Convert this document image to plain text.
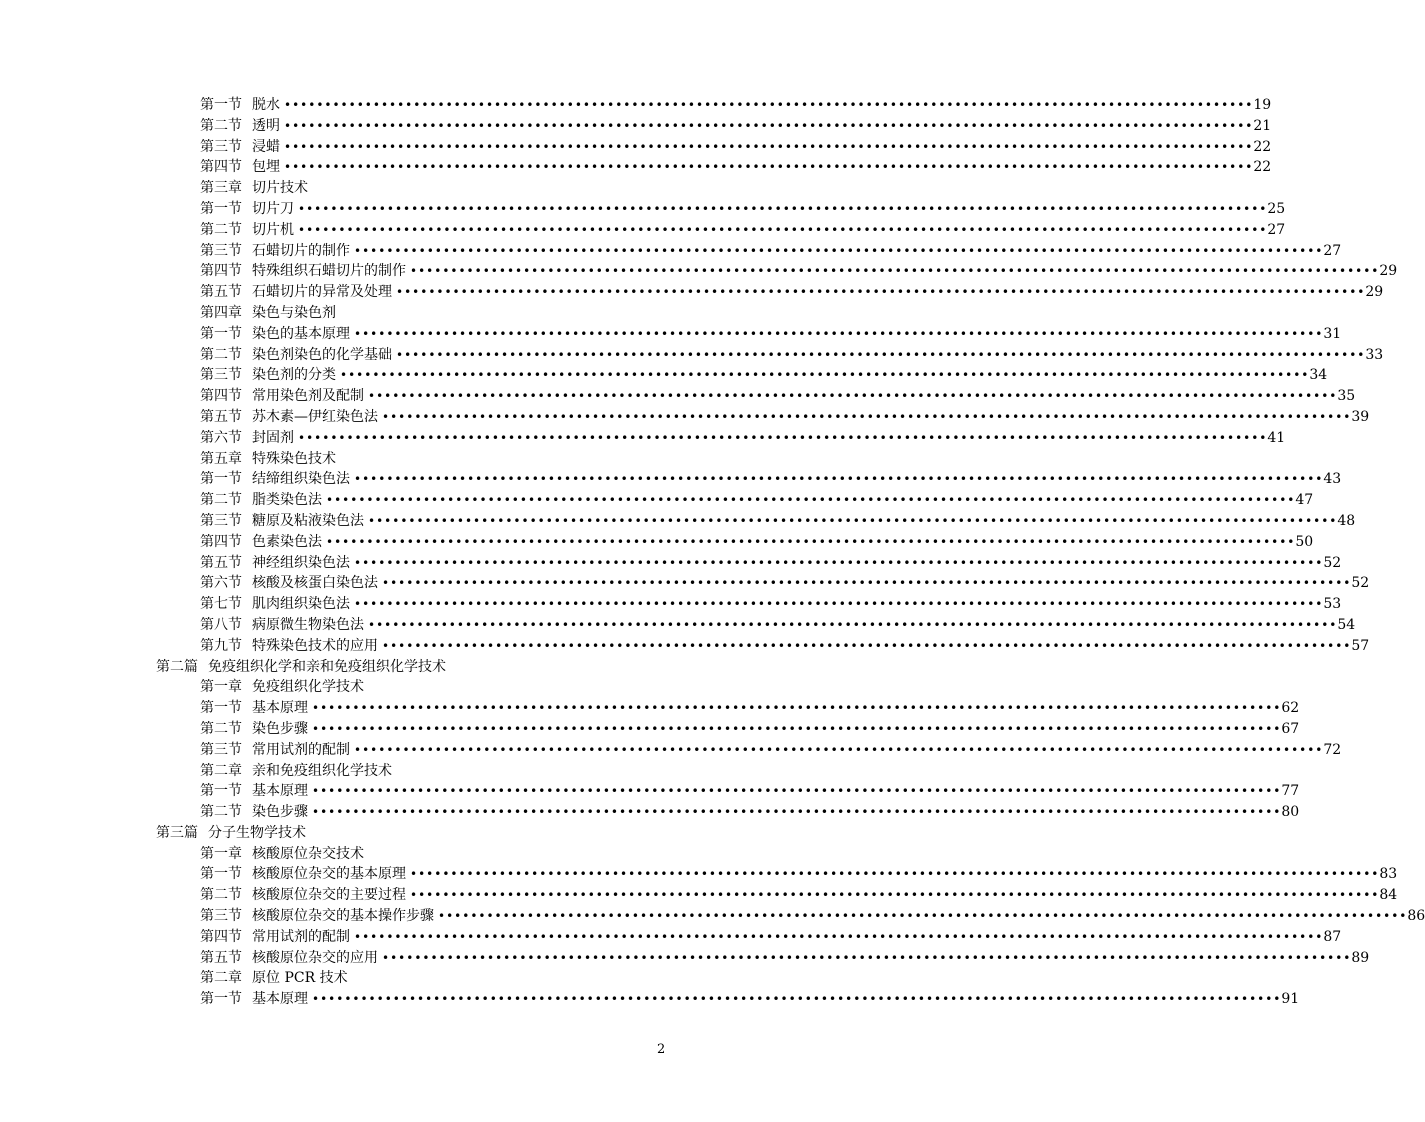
第一节 脱水 •••••••••••••••••••••••••••••••••••••••••••••••••••••••••••••••••••••••••••••••••••••••••••••••••••••••••••••••••••••••• 19
第二节 透明 •••••••••••••••••••••••••••••••••••••••••••••••••••••••••••••••••••••••••••••••••••••••••••••••••••••••••••••••••••••••• 21
第三节 浸蜡 •••••••••••••••••••••••••••••••••••••••••••••••••••••••••••••••••••••••••••••••••••••••••••••••••••••••••••••••••••••••• 22
第四节 包埋 •••••••••••••••••••••••••••••••••••••••••••••••••••••••••••••••••••••••••••••••••••••••••••••••••••••••••••••••••••••••• 22
第三章 切片技术
第一节 切片刀 •••••••••••••••••••••••••••••••••••••••••••••••••••••••••••••••••••••••••••••••••••••••••••••••••••••••••••••••••••••••• 25
第二节 切片机 •••••••••••••••••••••••••••••••••••••••••••••••••••••••••••••••••••••••••••••••••••••••••••••••••••••••••••••••••••••••• 27
第三节 石蜡切片的制作 •••••••••••••••••••••••••••••••••••••••••••••••••••••••••••••••••••••••••••••••••••••••••••••••••••••••••••••••••••••••• 27
第四节 特殊组织石蜡切片的制作 •••••••••••••••••••••••••••••••••••••••••••••••••••••••••••••••••••••••••••••••••••••••••••••••••••••••••••••••••••••••• 29
第五节 石蜡切片的异常及处理 •••••••••••••••••••••••••••••••••••••••••••••••••••••••••••••••••••••••••••••••••••••••••••••••••••••••••••••••••••••••• 29
第四章 染色与染色剂
第一节 染色的基本原理 •••••••••••••••••••••••••••••••••••••••••••••••••••••••••••••••••••••••••••••••••••••••••••••••••••••••••••••••••••••••• 31
第二节 染色剂染色的化学基础 •••••••••••••••••••••••••••••••••••••••••••••••••••••••••••••••••••••••••••••••••••••••••••••••••••••••••••••••••••••••• 33
第三节 染色剂的分类 •••••••••••••••••••••••••••••••••••••••••••••••••••••••••••••••••••••••••••••••••••••••••••••••••••••••••••••••••••••••• 34
第四节 常用染色剂及配制 •••••••••••••••••••••••••••••••••••••••••••••••••••••••••••••••••••••••••••••••••••••••••••••••••••••••••••••••••••••••• 35
第五节 苏木素—伊红染色法 •••••••••••••••••••••••••••••••••••••••••••••••••••••••••••••••••••••••••••••••••••••••••••••••••••••••••••••••••••••••• 39
第六节 封固剂 •••••••••••••••••••••••••••••••••••••••••••••••••••••••••••••••••••••••••••••••••••••••••••••••••••••••••••••••••••••••• 41
第五章 特殊染色技术
第一节 结缔组织染色法 •••••••••••••••••••••••••••••••••••••••••••••••••••••••••••••••••••••••••••••••••••••••••••••••••••••••••••••••••••••••• 43
第二节 脂类染色法 •••••••••••••••••••••••••••••••••••••••••••••••••••••••••••••••••••••••••••••••••••••••••••••••••••••••••••••••••••••••• 47
第三节 糖原及粘液染色法 •••••••••••••••••••••••••••••••••••••••••••••••••••••••••••••••••••••••••••••••••••••••••••••••••••••••••••••••••••••••• 48
第四节 色素染色法 •••••••••••••••••••••••••••••••••••••••••••••••••••••••••••••••••••••••••••••••••••••••••••••••••••••••••••••••••••••••• 50
第五节 神经组织染色法 •••••••••••••••••••••••••••••••••••••••••••••••••••••••••••••••••••••••••••••••••••••••••••••••••••••••••••••••••••••••• 52
第六节 核酸及核蛋白染色法 •••••••••••••••••••••••••••••••••••••••••••••••••••••••••••••••••••••••••••••••••••••••••••••••••••••••••••••••••••••••• 52
第七节 肌肉组织染色法 •••••••••••••••••••••••••••••••••••••••••••••••••••••••••••••••••••••••••••••••••••••••••••••••••••••••••••••••••••••••• 53
第八节 病原微生物染色法 •••••••••••••••••••••••••••••••••••••••••••••••••••••••••••••••••••••••••••••••••••••••••••••••••••••••••••••••••••••••• 54
第九节 特殊染色技术的应用 •••••••••••••••••••••••••••••••••••••••••••••••••••••••••••••••••••••••••••••••••••••••••••••••••••••••••••••••••••••••• 57
第二篇 免疫组织化学和亲和免疫组织化学技术
第一章 免疫组织化学技术
第一节 基本原理 •••••••••••••••••••••••••••••••••••••••••••••••••••••••••••••••••••••••••••••••••••••••••••••••••••••••••••••••••••••••• 62
第二节 染色步骤 •••••••••••••••••••••••••••••••••••••••••••••••••••••••••••••••••••••••••••••••••••••••••••••••••••••••••••••••••••••••• 67
第三节 常用试剂的配制 •••••••••••••••••••••••••••••••••••••••••••••••••••••••••••••••••••••••••••••••••••••••••••••••••••••••••••••••••••••••• 72
第二章 亲和免疫组织化学技术
第一节 基本原理 •••••••••••••••••••••••••••••••••••••••••••••••••••••••••••••••••••••••••••••••••••••••••••••••••••••••••••••••••••••••• 77
第二节 染色步骤 •••••••••••••••••••••••••••••••••••••••••••••••••••••••••••••••••••••••••••••••••••••••••••••••••••••••••••••••••••••••• 80
第三篇 分子生物学技术
第一章 核酸原位杂交技术
第一节 核酸原位杂交的基本原理 •••••••••••••••••••••••••••••••••••••••••••••••••••••••••••••••••••••••••••••••••••••••••••••••••••••••••••••••••••••••• 83
第二节 核酸原位杂交的主要过程 •••••••••••••••••••••••••••••••••••••••••••••••••••••••••••••••••••••••••••••••••••••••••••••••••••••••••••••••••••••••• 84
第三节 核酸原位杂交的基本操作步骤 •••••••••••••••••••••••••••••••••••••••••••••••••••••••••••••••••••••••••••••••••••••••••••••••••••••••••••••••••••••••• 86
第四节 常用试剂的配制 •••••••••••••••••••••••••••••••••••••••••••••••••••••••••••••••••••••••••••••••••••••••••••••••••••••••••••••••••••••••• 87
第五节 核酸原位杂交的应用 •••••••••••••••••••••••••••••••••••••••••••••••••••••••••••••••••••••••••••••••••••••••••••••••••••••••••••••••••••••••• 89
第二章 原位 PCR 技术
第一节 基本原理 •••••••••••••••••••••••••••••••••••••••••••••••••••••••••••••••••••••••••••••••••••••••••••••••••••••••••••••••••••••••• 91
2
